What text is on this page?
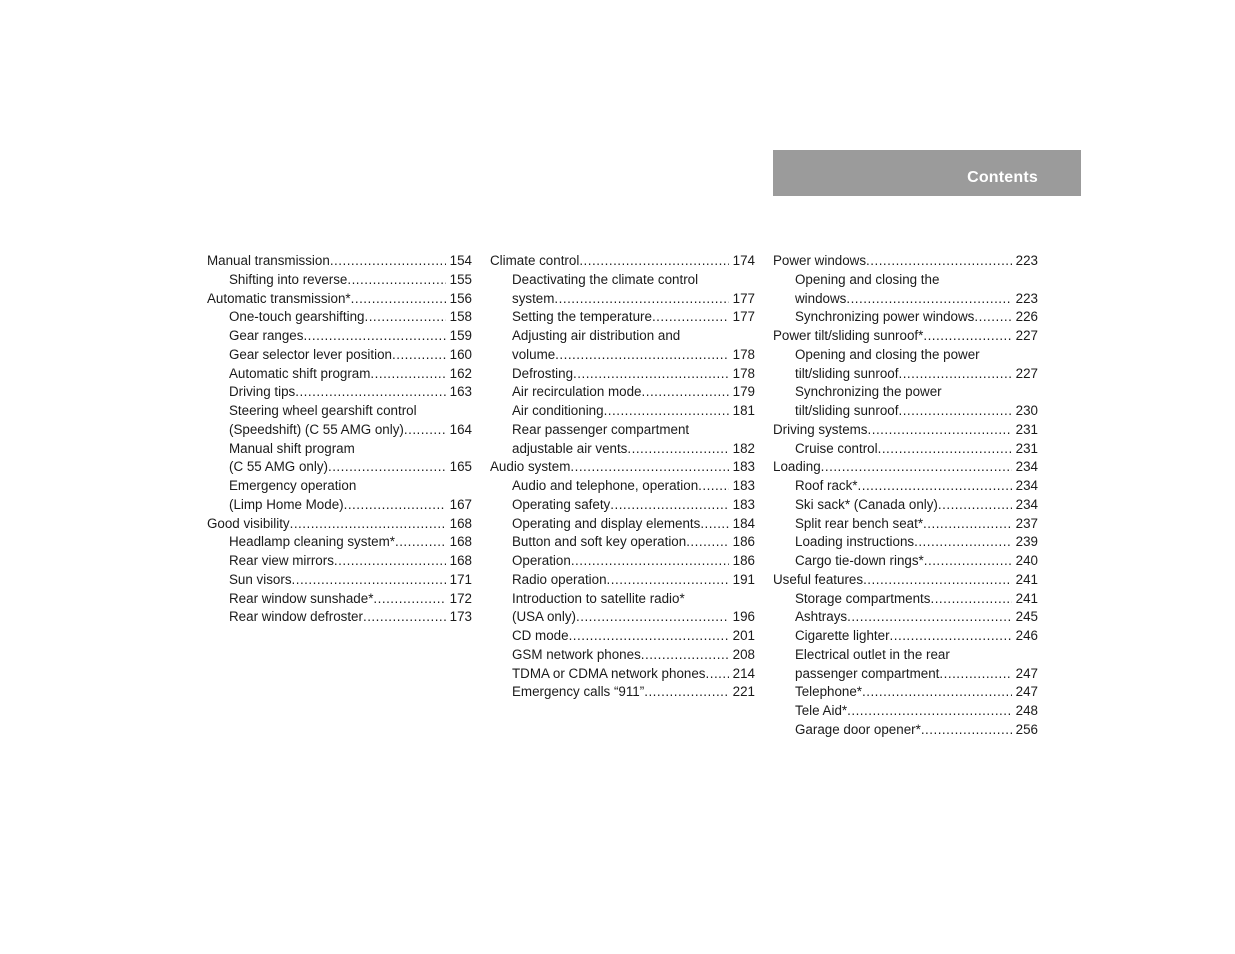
Contents
Manual transmission .....	154
Shifting into reverse .....	155
Automatic transmission* .....	156
One-touch gearshifting .....	158
Gear ranges .....	159
Gear selector lever position .....	160
Automatic shift program .....	162
Driving tips .....	163
Steering wheel gearshift control
(Speedshift) (C 55 AMG only) .....	164
Manual shift program
(C 55 AMG only) .....	165
Emergency operation
(Limp Home Mode) .....	167
Good visibility .....	168
Headlamp cleaning system* .....	168
Rear view mirrors .....	168
Sun visors .....	171
Rear window sunshade* .....	172
Rear window defroster .....	173
Climate control .....	174
Deactivating the climate control
system .....	177
Setting the temperature .....	177
Adjusting air distribution and
volume .....	178
Defrosting .....	178
Air recirculation mode .....	179
Air conditioning .....	181
Rear passenger compartment
adjustable air vents .....	182
Audio system .....	183
Audio and telephone, operation .....	183
Operating safety .....	183
Operating and display elements ..... 184
Button and soft key operation .....	186
Operation .....	186
Radio operation .....	191
Introduction to satellite radio*
(USA only) .....	196
CD mode .....	201
GSM network phones .....	208
TDMA or CDMA network phones ..... 214
Emergency calls “911” .....	221
Power windows .....	223
Opening and closing the
windows .....	223
Synchronizing power windows .....	226
Power tilt/sliding sunroof* .....	227
Opening and closing the power
tilt/sliding sunroof .....	227
Synchronizing the power
tilt/sliding sunroof .....	230
Driving systems .....	231
Cruise control .....	231
Loading .....	234
Roof rack* .....	234
Ski sack* (Canada only) .....	234
Split rear bench seat* .....	237
Loading instructions .....	239
Cargo tie-down rings* .....	240
Useful features .....	241
Storage compartments .....	241
Ashtrays .....	245
Cigarette lighter .....	246
Electrical outlet in the rear
passenger compartment .....	247
Telephone* .....	247
Tele Aid* .....	248
Garage door opener* .....	256
